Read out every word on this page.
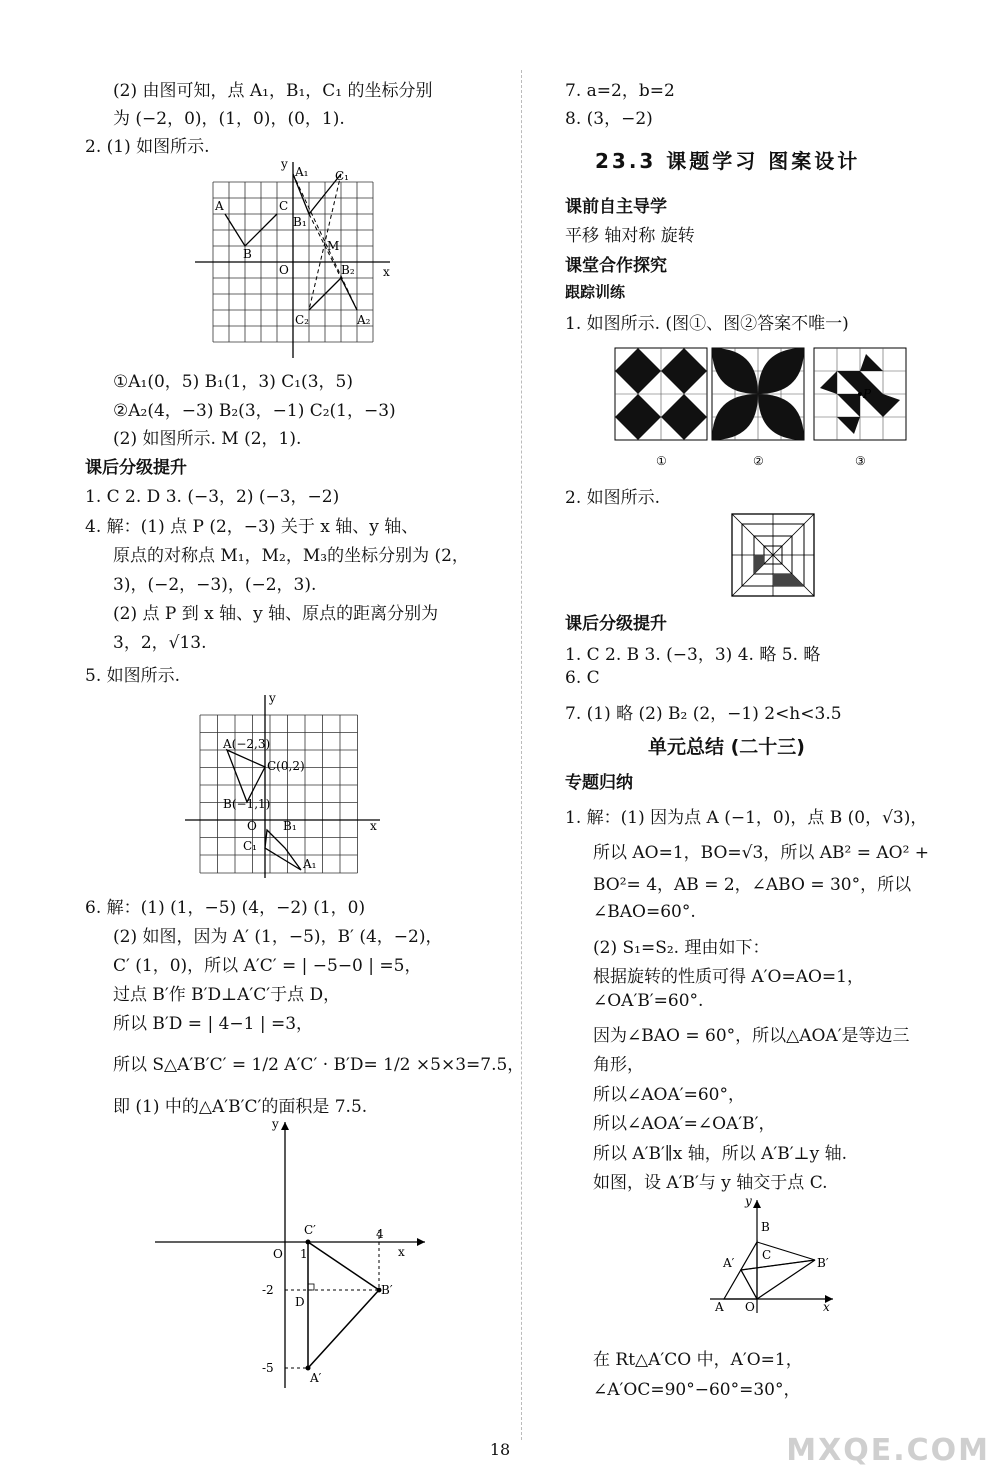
(2) 由图可知，点 A₁，B₁，C₁ 的坐标分别
为 (−2，0)，(1，0)，(0，1).
2. (1) 如图所示.
y
x
A₁ C₁
A	C
B₁
M
B
O	B₂
C₂	A₂
①A₁(0，5) B₁(1，3) C₁(3，5)
②A₂(4，−3) B₂(3，−1) C₂(1，−3)
(2) 如图所示. M (2，1).
课后分级提升
1. C 2. D 3. (−3，2) (−3，−2)
4. 解：(1) 点 P (2，−3) 关于 x 轴、y 轴、
原点的对称点 M₁，M₂，M₃的坐标分别为 (2，
3)，(−2，−3)，(−2，3).
(2) 点 P 到 x 轴、y 轴、原点的距离分别为
3，2，√13.
5. 如图所示.
y
x
A(−2,3)
C(0,2)
B(−1,1)
O B₁
C₁
A₁
6. 解：(1) (1，−5) (4，−2) (1，0)
(2) 如图，因为 A′ (1，−5)，B′ (4，−2)，
C′ (1，0)，所以 A′C′ = | −5−0 | =5，
过点 B′作 B′D⊥A′C′于点 D，
所以 B′D = | 4−1 | =3，
所以 S△A′B′C′ = 1/2 A′C′ · B′D= 1/2 ×5×3=7.5，
即 (1) 中的△A′B′C′的面积是 7.5.
y
x
C′
O 1
4
-2
D
B′
-5
A′
7. a=2，b=2
8. (3，−2)
23.3 课题学习 图案设计
课前自主导学
平移 轴对称 旋转
课堂合作探究
跟踪训练
1. 如图所示. (图①、图②答案不唯一)
P
①	②	③
2. 如图所示.
课后分级提升
1. C 2. B 3. (−3，3) 4. 略 5. 略
6. C
7. (1) 略 (2) B₂ (2，−1) 2<h<3.5
单元总结 (二十三)
专题归纳
1. 解：(1) 因为点 A (−1，0)，点 B (0，√3)，
所以 AO=1，BO=√3，所以 AB² = AO² +
BO²= 4，AB = 2，∠ABO = 30°，所以
∠BAO=60°.
(2) S₁=S₂. 理由如下：
根据旋转的性质可得 A′O=AO=1，
∠OA′B′=60°.
因为∠BAO = 60°，所以△AOA′是等边三
角形，
所以∠AOA′=60°，
所以∠AOA′=∠OA′B′，
所以 A′B′∥x 轴，所以 A′B′⊥y 轴.
如图，设 A′B′与 y 轴交于点 C.
y
B
A′
C
B′
A O	x
在 Rt△A′CO 中，A′O=1，
∠A′OC=90°−60°=30°，
18	MXQE.COM
